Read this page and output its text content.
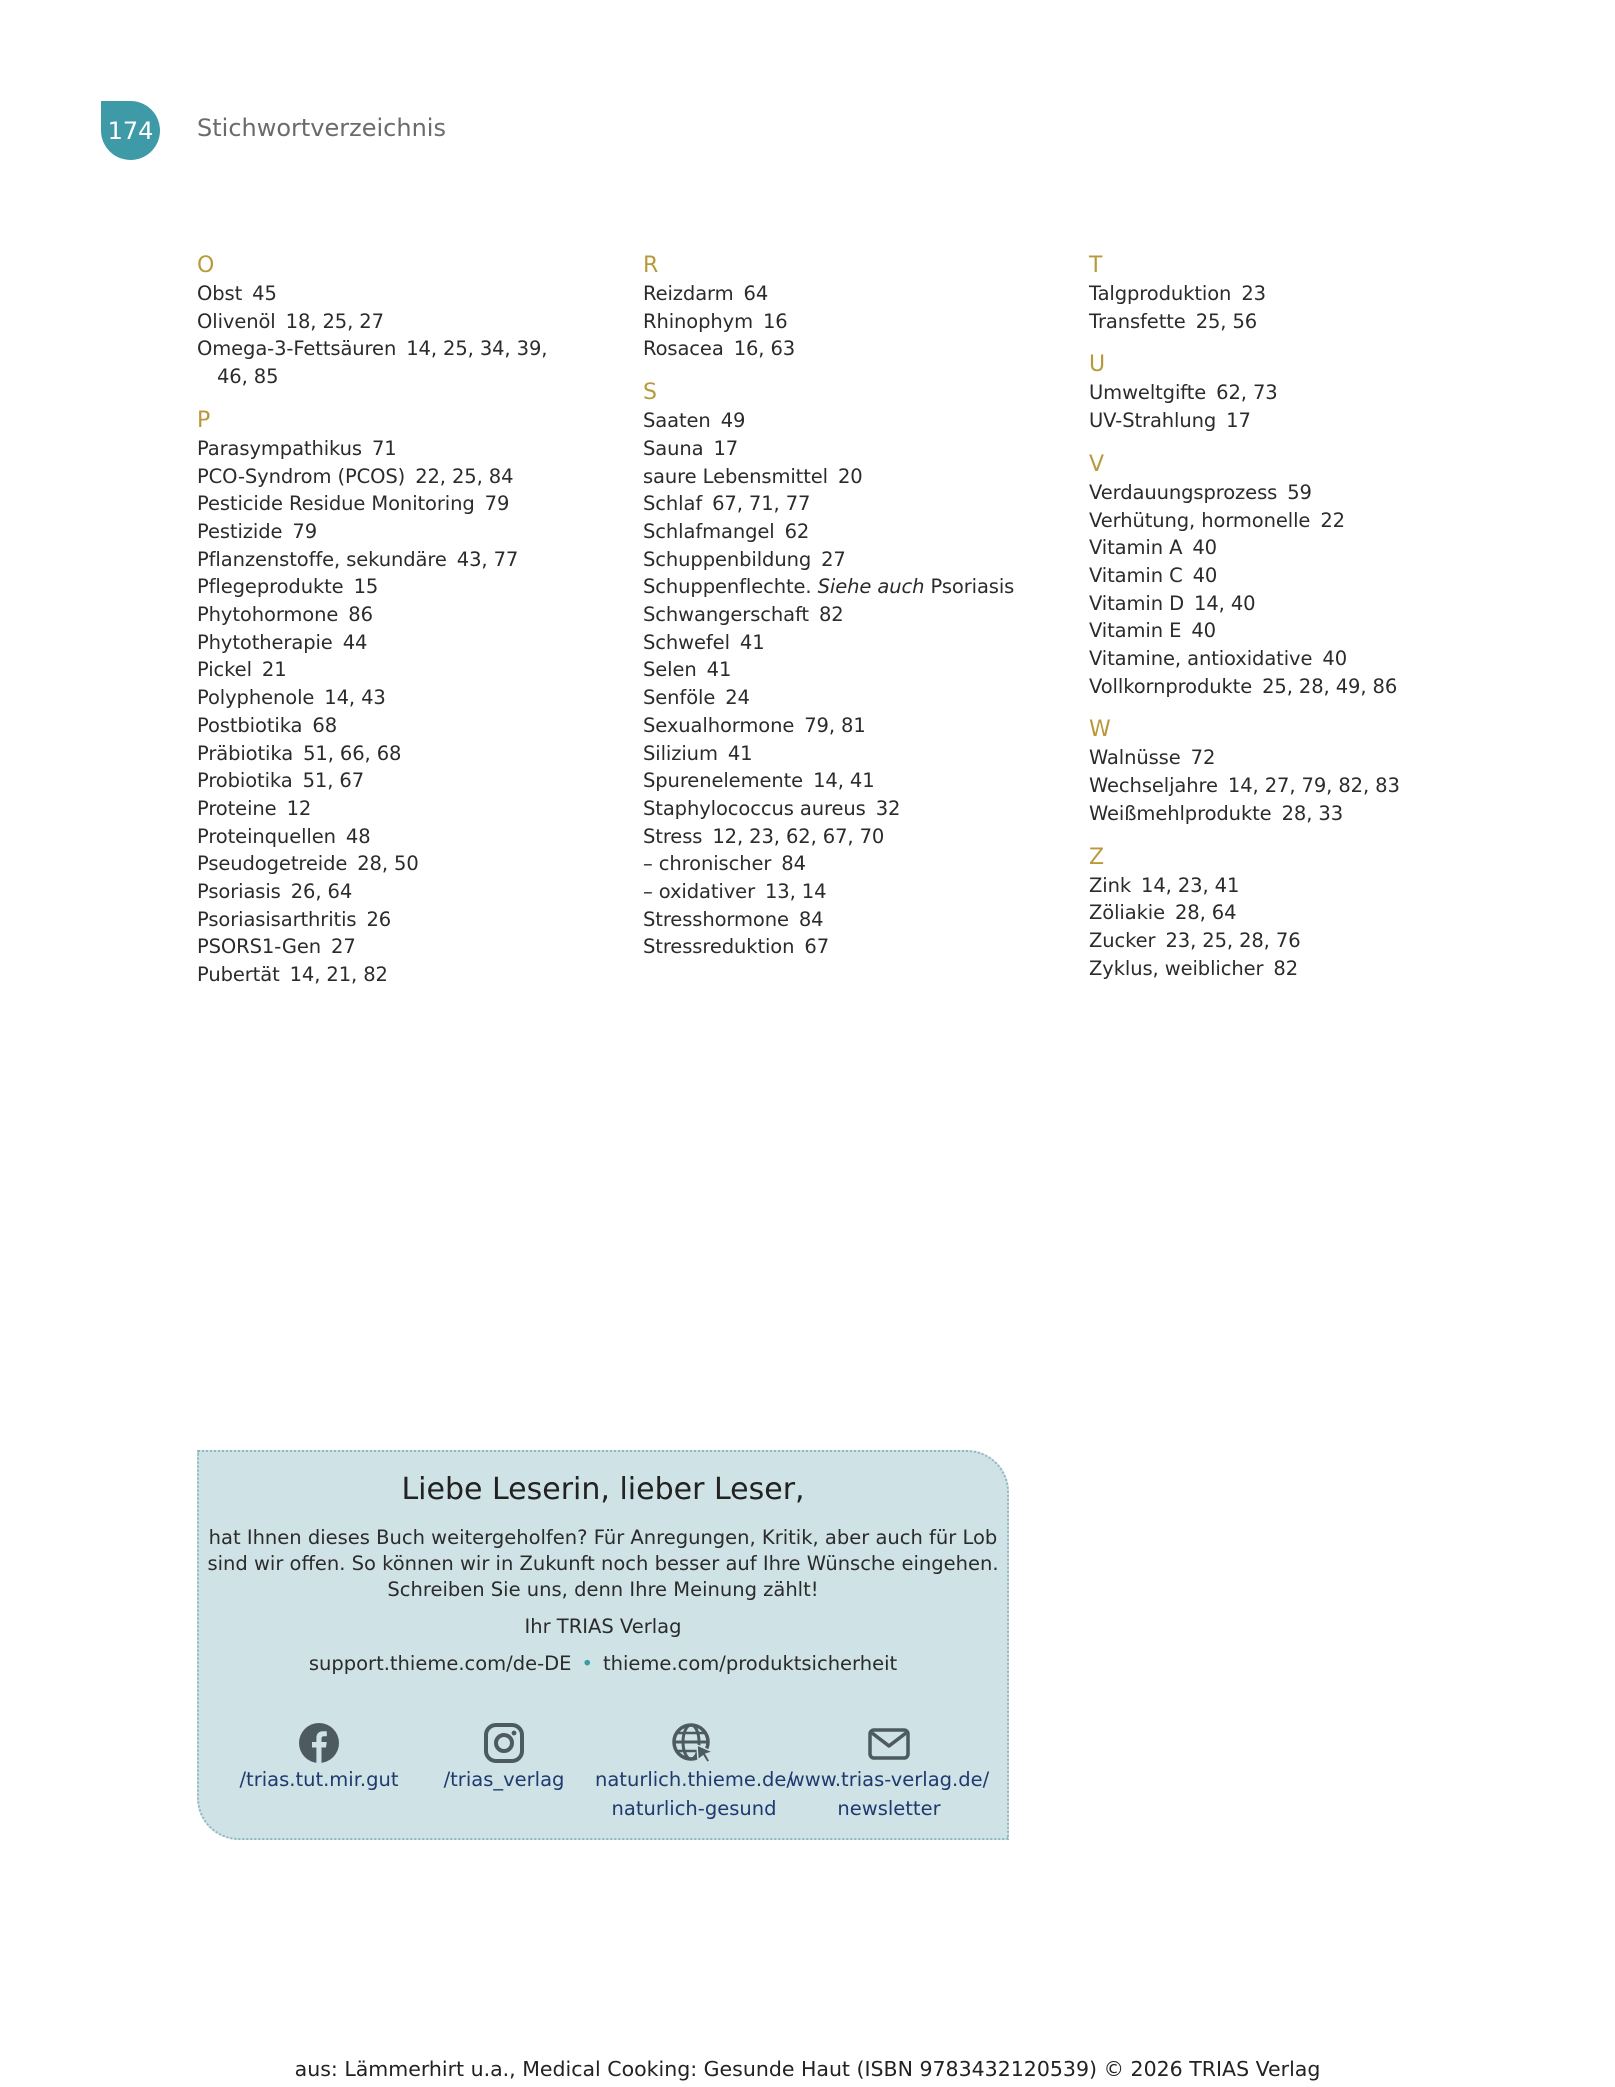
174 Stichwortverzeichnis
O
Obst 45
Olivenöl 18, 25, 27
Omega-3-Fettsäuren 14, 25, 34, 39,
46, 85
P
Parasympathikus 71
PCO-Syndrom (PCOS) 22, 25, 84
Pesticide Residue Monitoring 79
Pestizide 79
Pflanzenstoffe, sekundäre 43, 77
Pflegeprodukte 15
Phytohormone 86
Phytotherapie 44
Pickel 21
Polyphenole 14, 43
Postbiotika 68
Präbiotika 51, 66, 68
Probiotika 51, 67
Proteine 12
Proteinquellen 48
Pseudogetreide 28, 50
Psoriasis 26, 64
Psoriasisarthritis 26
PSORS1-Gen 27
Pubertät 14, 21, 82
R
Reizdarm 64
Rhinophym 16
Rosacea 16, 63
S
Saaten 49
Sauna 17
saure Lebensmittel 20
Schlaf 67, 71, 77
Schlafmangel 62
Schuppenbildung 27
Schuppenflechte. Siehe auch Psoriasis
Schwangerschaft 82
Schwefel 41
Selen 41
Senföle 24
Sexualhormone 79, 81
Silizium 41
Spurenelemente 14, 41
Staphylococcus aureus 32
Stress 12, 23, 62, 67, 70
– chronischer 84
– oxidativer 13, 14
Stresshormone 84
Stressreduktion 67
T
Talgproduktion 23
Transfette 25, 56
U
Umweltgifte 62, 73
UV-Strahlung 17
V
Verdauungsprozess 59
Verhütung, hormonelle 22
Vitamin A 40
Vitamin C 40
Vitamin D 14, 40
Vitamin E 40
Vitamine, antioxidative 40
Vollkornprodukte 25, 28, 49, 86
W
Walnüsse 72
Wechseljahre 14, 27, 79, 82, 83
Weißmehlprodukte 28, 33
Z
Zink 14, 23, 41
Zöliakie 28, 64
Zucker 23, 25, 28, 76
Zyklus, weiblicher 82
Liebe Leserin, lieber Leser,
hat Ihnen dieses Buch weitergeholfen? Für Anregungen, Kritik, aber auch für Lob
sind wir offen. So können wir in Zukunft noch besser auf Ihre Wünsche eingehen.
Schreiben Sie uns, denn Ihre Meinung zählt!
Ihr TRIAS Verlag
support.thieme.com/de-DE • thieme.com/produktsicherheit
/trias.tut.mir.gut	/trias_verlag	naturlich.thieme.de/
naturlich-gesund
www.trias-verlag.de/
newsletter
aus: Lämmerhirt u.a., Medical Cooking: Gesunde Haut (ISBN 9783432120539) © 2026 TRIAS Verlag
